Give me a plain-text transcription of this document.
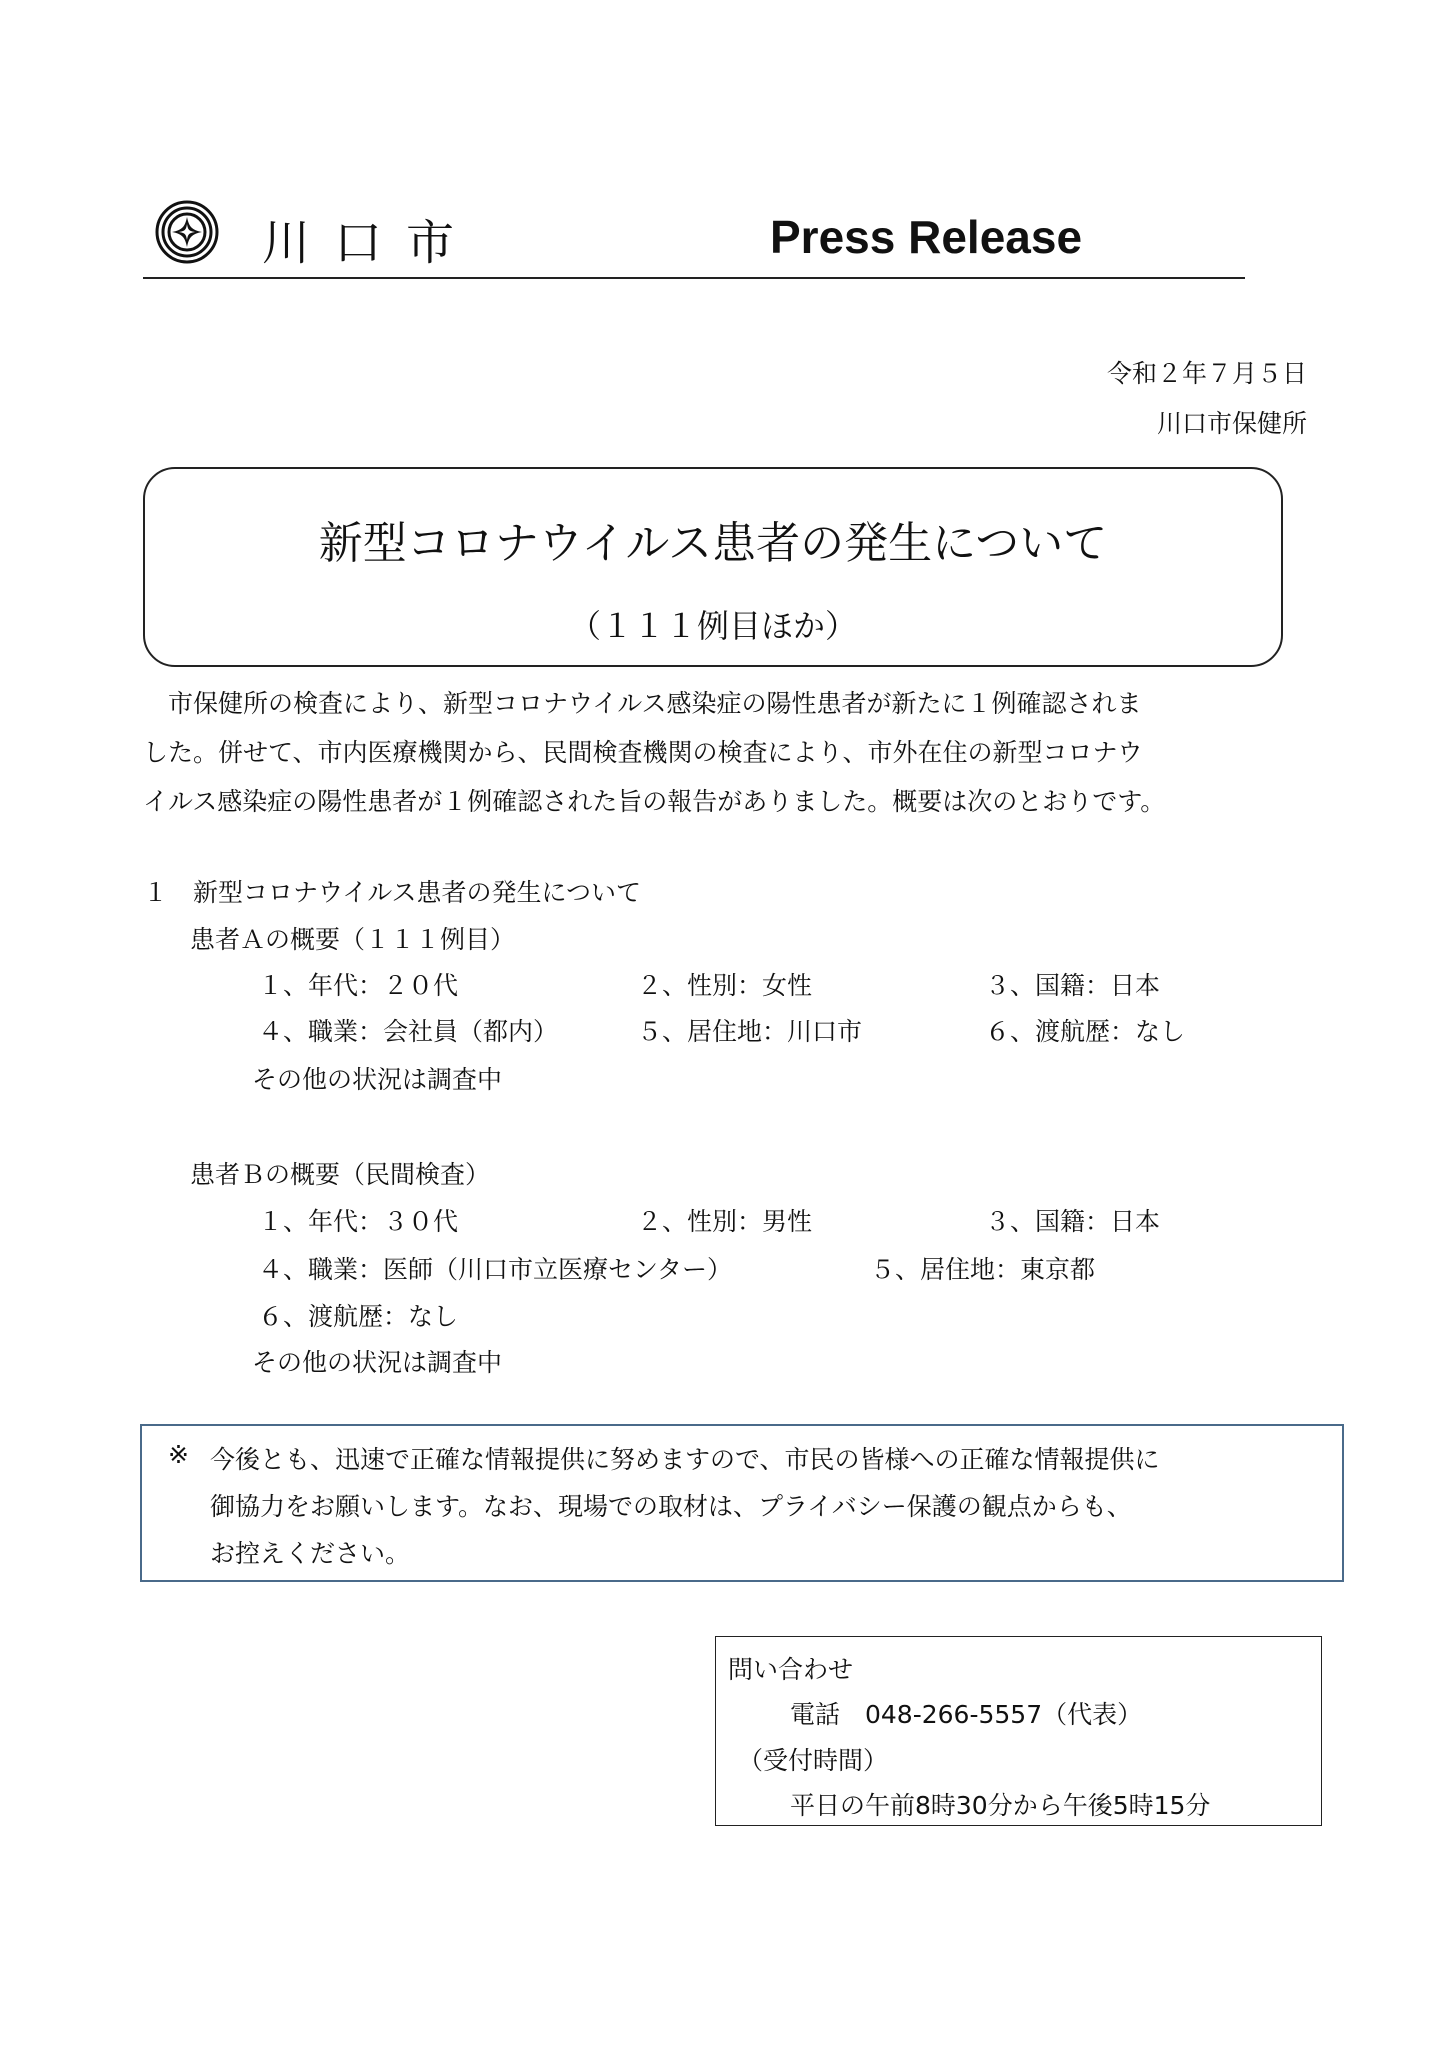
川口市	Press Release
令和２年７月５日
川口市保健所
新型コロナウイルス患者の発生について
（１１１例目ほか）
市保健所の検査により、新型コロナウイルス感染症の陽性患者が新たに１例確認されま
した。併せて、市内医療機関から、民間検査機関の検査により、市外在住の新型コロナウ
イルス感染症の陽性患者が１例確認された旨の報告がありました。概要は次のとおりです。
１　新型コロナウイルス患者の発生について
患者Ａの概要（１１１例目）
１、年代：２０代	２、性別：女性	３、国籍：日本
４、職業：会社員（都内）	５、居住地：川口市	６、渡航歴：なし
その他の状況は調査中
患者Ｂの概要（民間検査）
１、年代：３０代	２、性別：男性	３、国籍：日本
４、職業：医師（川口市立医療センター）	５、居住地：東京都
６、渡航歴：なし
その他の状況は調査中
※ 今後とも、迅速で正確な情報提供に努めますので、市民の皆様への正確な情報提供に
御協力をお願いします。なお、現場での取材は、プライバシー保護の観点からも、
お控えください。
問い合わせ
電話　048-266-5557（代表）
（受付時間）
平日の午前8時30分から午後5時15分
